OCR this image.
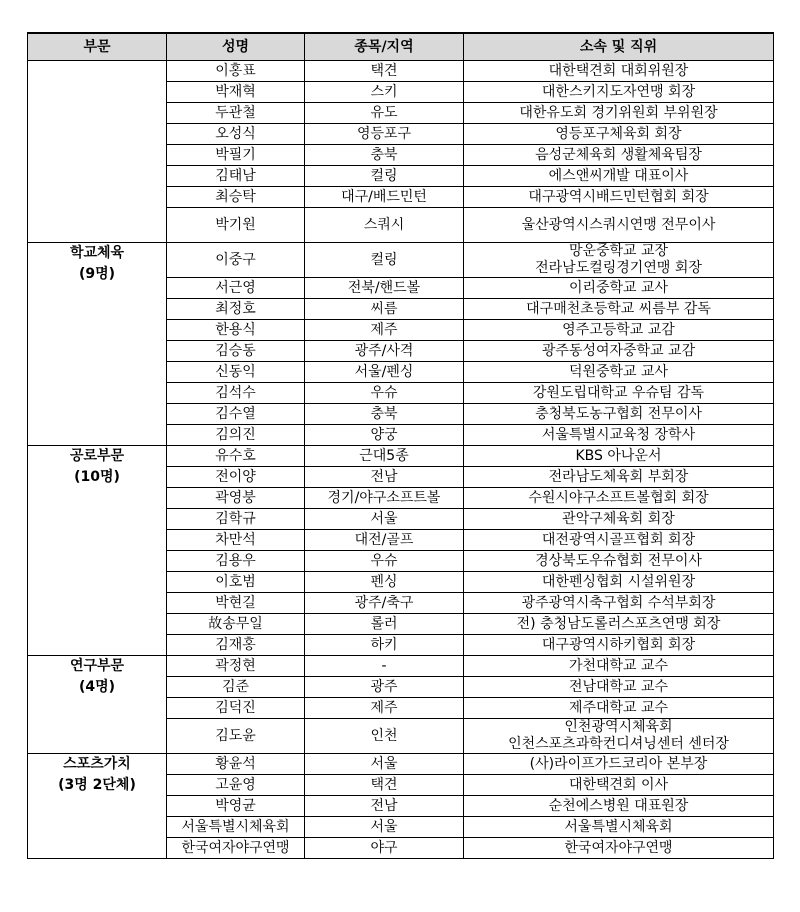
부문	성명	종목/지역	소속 및 직위
	이홍표	택견	대한택견회 대회위원장

	박재혁	스키	대한스키지도자연맹 회장

	두관철	유도	대한유도회 경기위원회 부위원장

	오성식	영등포구	영등포구체육회 회장

	박필기	충북	음성군체육회 생활체육팀장

	김태남	컬링	에스앤씨개발 대표이사

	최승탁	대구/배드민턴	대구광역시배드민턴협회 회장

	박기원	스쿼시	울산광역시스쿼시연맹 전무이사

학교체육
(9명)	이중구	컬링	망운중학교 교장
전라남도컬링경기연맹 회장

	서근영	전북/핸드볼	이리중학교 교사

	최정호	씨름	대구매천초등학교 씨름부 감독

	한용식	제주	영주고등학교 교감

	김승동	광주/사격	광주동성여자중학교 교감

	신동익	서울/펜싱	덕원중학교 교사

	김석수	우슈	강원도립대학교 우슈팀 감독

	김수열	충북	충청북도농구협회 전무이사

	김의진	양궁	서울특별시교육청 장학사

공로부문
(10명)	유수호	근대5종	KBS 아나운서

	전이양	전남	전라남도체육회 부회장

	곽영붕	경기/야구소프트볼	수원시야구소프트볼협회 회장

	김학규	서울	관악구체육회 회장

	차만석	대전/골프	대전광역시골프협회 회장

	김용우	우슈	경상북도우슈협회 전무이사

	이호범	펜싱	대한펜싱협회 시설위원장

	박현길	광주/축구	광주광역시축구협회 수석부회장

	故송무일	롤러	전) 충청남도롤러스포츠연맹 회장

	김재홍	하키	대구광역시하키협회 회장

연구부문
(4명)	곽정현	-	가천대학교 교수

	김준	광주	전남대학교 교수

	김덕진	제주	제주대학교 교수

	김도윤	인천	인천광역시체육회
인천스포츠과학컨디셔닝센터 센터장

스포츠가치
(3명 2단체)	황윤석	서울	(사)라이프가드코리아 본부장

	고윤영	택견	대한택견회 이사

	박영균	전남	순천에스병원 대표원장

	서울특별시체육회	서울	서울특별시체육회

	한국여자야구연맹	야구	한국여자야구연맹
